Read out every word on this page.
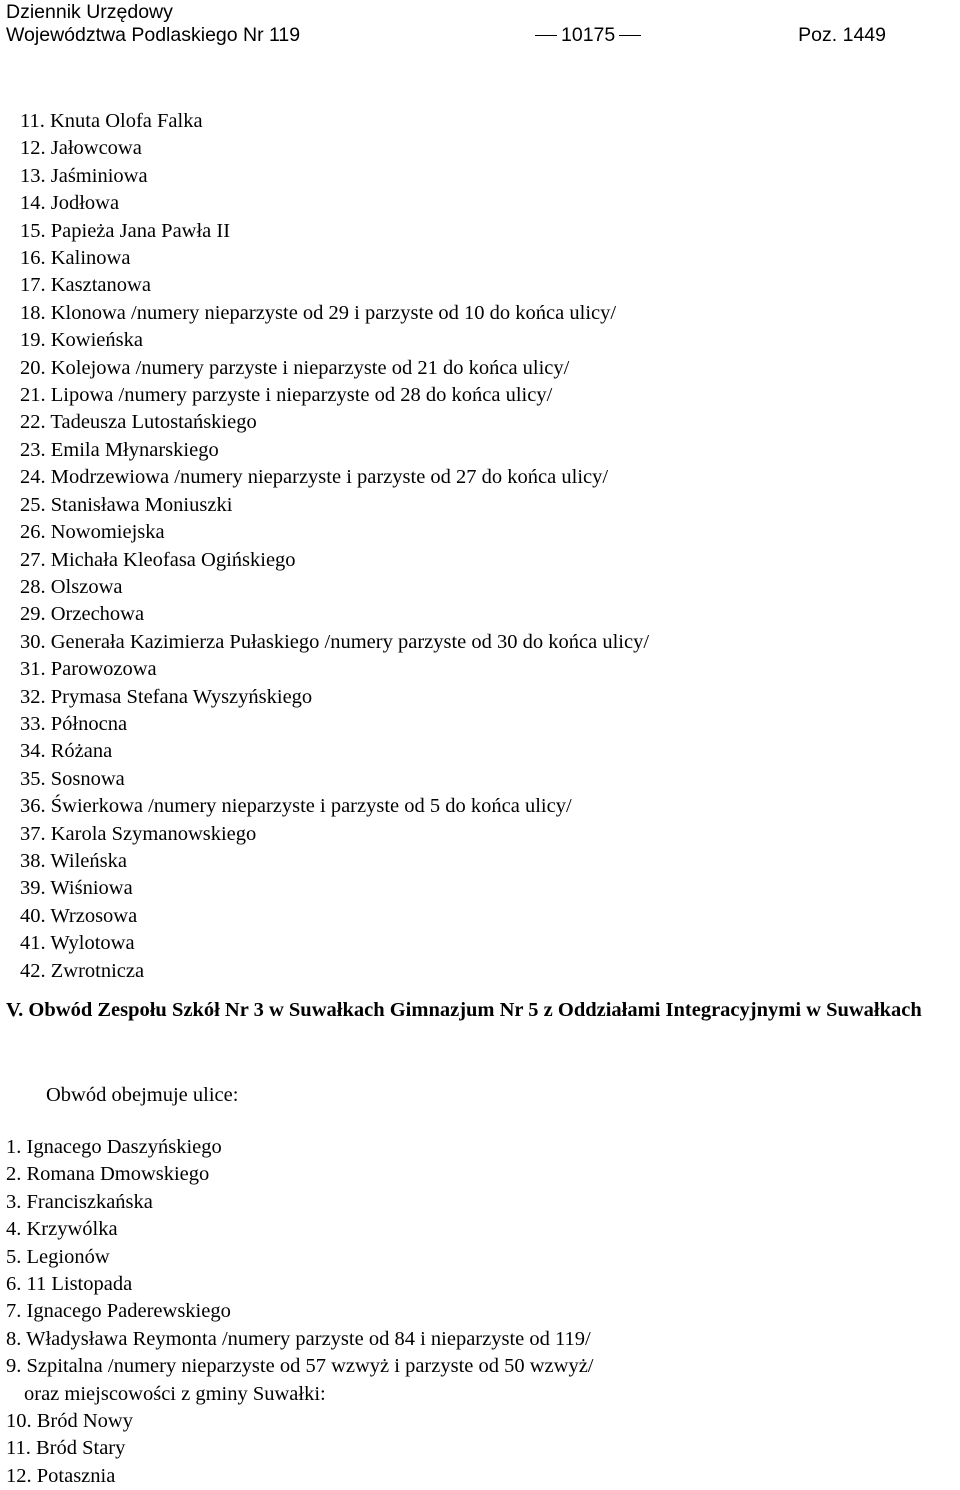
Dziennik Urzędowy
Województwa Podlaskiego Nr 119	10175	Poz. 1449
11. Knuta Olofa Falka
12. Jałowcowa
13. Jaśminiowa
14. Jodłowa
15. Papieża Jana Pawła II
16. Kalinowa
17. Kasztanowa
18. Klonowa /numery nieparzyste od 29 i parzyste od 10 do końca ulicy/
19. Kowieńska
20. Kolejowa /numery parzyste i nieparzyste od 21 do końca ulicy/
21. Lipowa /numery parzyste i nieparzyste od 28 do końca ulicy/
22. Tadeusza Lutostańskiego
23. Emila Młynarskiego
24. Modrzewiowa /numery nieparzyste i parzyste od 27 do końca ulicy/
25. Stanisława Moniuszki
26. Nowomiejska
27. Michała Kleofasa Ogińskiego
28. Olszowa
29. Orzechowa
30. Generała Kazimierza Pułaskiego /numery parzyste od 30 do końca ulicy/
31. Parowozowa
32. Prymasa Stefana Wyszyńskiego
33. Północna
34. Różana
35. Sosnowa
36. Świerkowa /numery nieparzyste i parzyste od 5 do końca ulicy/
37. Karola Szymanowskiego
38. Wileńska
39. Wiśniowa
40. Wrzosowa
41. Wylotowa
42. Zwrotnicza
V. Obwód Zespołu Szkół Nr 3 w Suwałkach Gimnazjum Nr 5 z Oddziałami Integracyjnymi w Suwałkach
Obwód obejmuje ulice:
1. Ignacego Daszyńskiego
2. Romana Dmowskiego
3. Franciszkańska
4. Krzywólka
5. Legionów
6. 11 Listopada
7. Ignacego Paderewskiego
8. Władysława Reymonta /numery parzyste od 84 i nieparzyste od 119/
9. Szpitalna /numery nieparzyste od 57 wzwyż i parzyste od 50 wzwyż/
oraz miejscowości z gminy Suwałki:
10. Bród Nowy
11. Bród Stary
12. Potasznia
